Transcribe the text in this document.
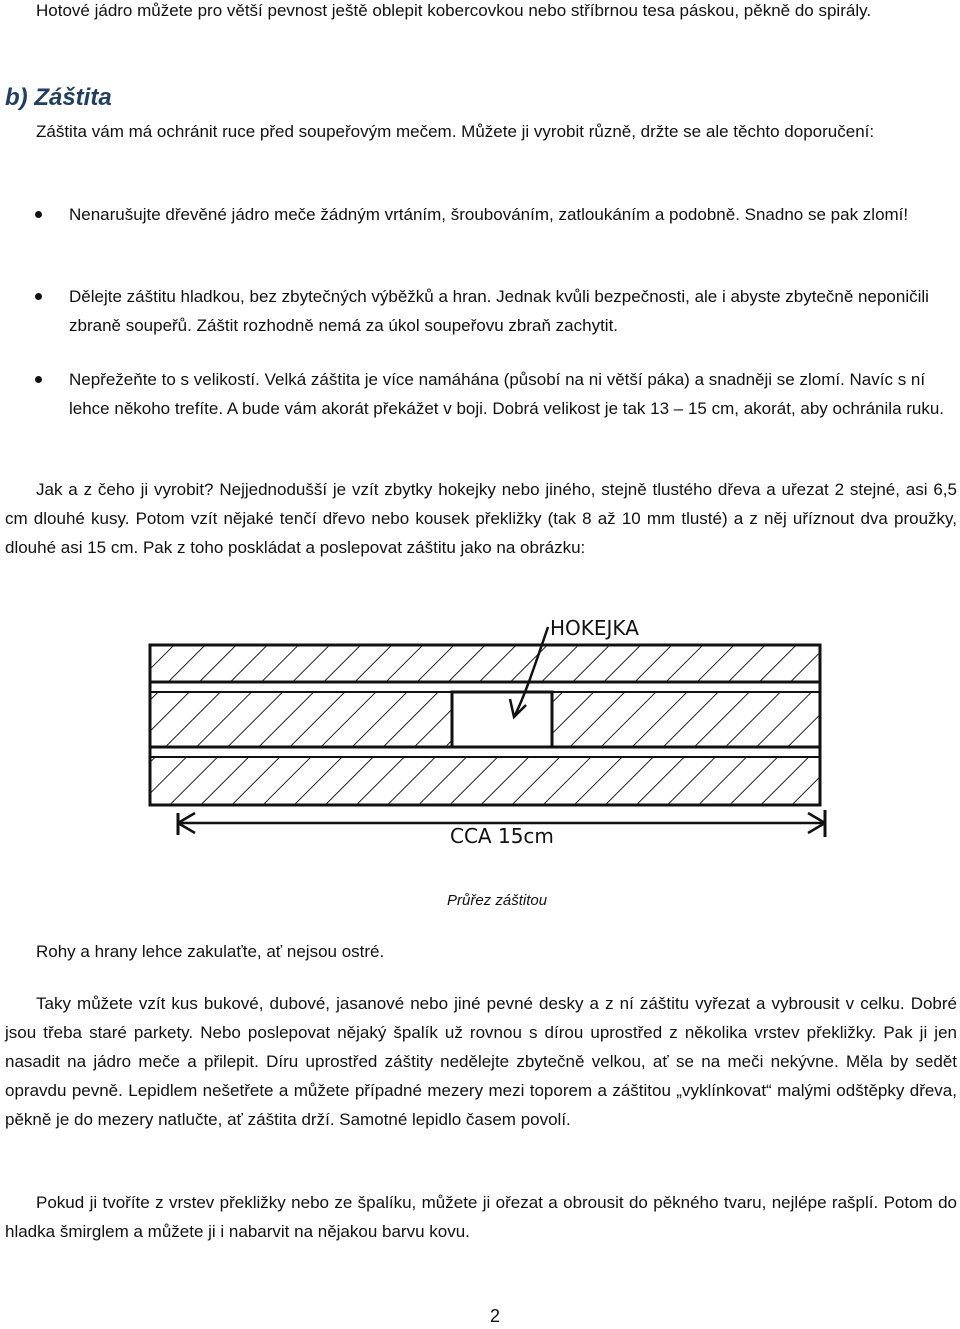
Hotové jádro můžete pro větší pevnost ještě oblepit kobercovkou nebo stříbrnou tesa páskou, pěkně do spirály.

b) Záštita

Záštita vám má ochránit ruce před soupeřovým mečem. Můžete ji vyrobit různě, držte se ale těchto doporučení:

Nenarušujte dřevěné jádro meče žádným vrtáním, šroubováním, zatloukáním a podobně. Snadno se pak zlomí!

Dělejte záštitu hladkou, bez zbytečných výběžků a hran. Jednak kvůli bezpečnosti, ale i abyste zbytečně neponičili zbraně soupeřů. Záštit rozhodně nemá za úkol soupeřovu zbraň zachytit.

Nepřežeňte to s velikostí. Velká záštita je více namáhána (působí na ni větší páka) a snadněji se zlomí. Navíc s ní lehce někoho trefíte. A bude vám akorát překážet v boji. Dobrá velikost je tak 13 – 15 cm, akorát, aby ochránila ruku.

Jak a z čeho ji vyrobit? Nejjednodušší je vzít zbytky hokejky nebo jiného, stejně tlustého dřeva a uřezat 2 stejné, asi 6,5 cm dlouhé kusy. Potom vzít nějaké tenčí dřevo nebo kousek překližky (tak 8 až 10 mm tlusté) a z něj uříznout dva proužky, dlouhé asi 15 cm. Pak z toho poskládat a poslepovat záštitu jako na obrázku:

HOKEJKA
CCA 15cm
Průřez záštitou

Rohy a hrany lehce zakulaťte, ať nejsou ostré.

Taky můžete vzít kus bukové, dubové, jasanové nebo jiné pevné desky a z ní záštitu vyřezat a vybrousit v celku. Dobré jsou třeba staré parkety. Nebo poslepovat nějaký špalík už rovnou s dírou uprostřed z několika vrstev překližky. Pak ji jen nasadit na jádro meče a přilepit. Díru uprostřed záštity nedělejte zbytečně velkou, ať se na meči nekývne. Měla by sedět opravdu pevně. Lepidlem nešetřete a můžete případné mezery mezi toporem a záštitou „vyklínkovat“ malými odštěpky dřeva, pěkně je do mezery natlučte, ať záštita drží. Samotné lepidlo časem povolí.

Pokud ji tvoříte z vrstev překližky nebo ze špalíku, můžete ji ořezat a obrousit do pěkného tvaru, nejlépe rašplí. Potom do hladka šmirglem a můžete ji i nabarvit na nějakou barvu kovu.

2
